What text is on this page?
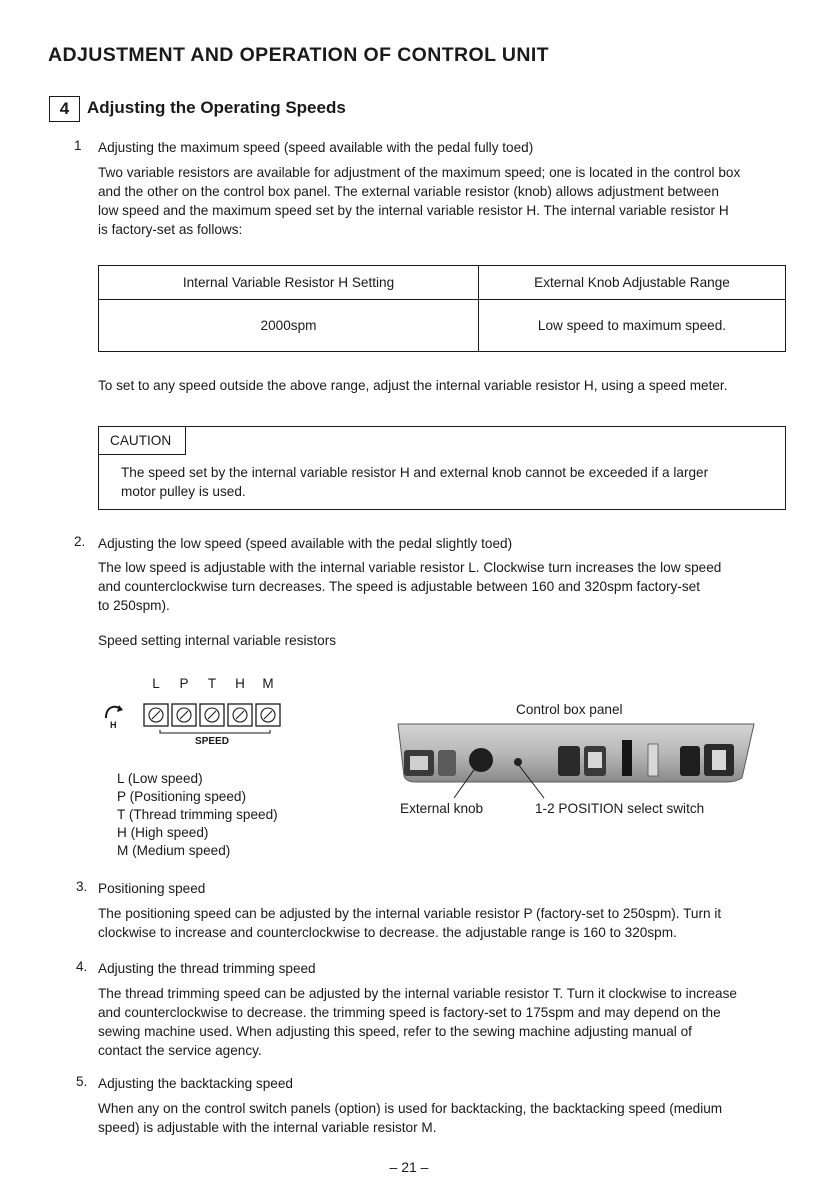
ADJUSTMENT AND OPERATION OF CONTROL UNIT
4	Adjusting the Operating Speeds
1 Adjusting the maximum speed (speed available with the pedal fully toed)
Two variable resistors are available for adjustment of the maximum speed; one is located in the control box
and the other on the control box panel. The external variable resistor (knob) allows adjustment between
low speed and the maximum speed set by the internal variable resistor H. The internal variable resistor H
is factory-set as follows:
Internal Variable Resistor H Setting	External Knob Adjustable Range
2000spm	Low speed to maximum speed.
To set to any speed outside the above range, adjust the internal variable resistor H, using a speed meter.
CAUTION
The speed set by the internal variable resistor H and external knob cannot be exceeded if a larger
motor pulley is used.
2. Adjusting the low speed (speed available with the pedal slightly toed)
The low speed is adjustable with the internal variable resistor L. Clockwise turn increases the low speed
and counterclockwise turn decreases. The speed is adjustable between 160 and 320spm factory-set
to 250spm).
Speed setting internal variable resistors
H
L P T H M
SPEED
L (Low speed)
P (Positioning speed)
T (Thread trimming speed)
H (High speed)
M (Medium speed)
Control box panel
External knob	1-2 POSITION select switch
3. Positioning speed
The positioning speed can be adjusted by the internal variable resistor P (factory-set to 250spm). Turn it
clockwise to increase and counterclockwise to decrease. the adjustable range is 160 to 320spm.
4. Adjusting the thread trimming speed
The thread trimming speed can be adjusted by the internal variable resistor T. Turn it clockwise to increase
and counterclockwise to decrease. the trimming speed is factory-set to 175spm and may depend on the
sewing machine used. When adjusting this speed, refer to the sewing machine adjusting manual of
contact the service agency.
5. Adjusting the backtacking speed
When any on the control switch panels (option) is used for backtacking, the backtacking speed (medium
speed) is adjustable with the internal variable resistor M.
– 21 –
